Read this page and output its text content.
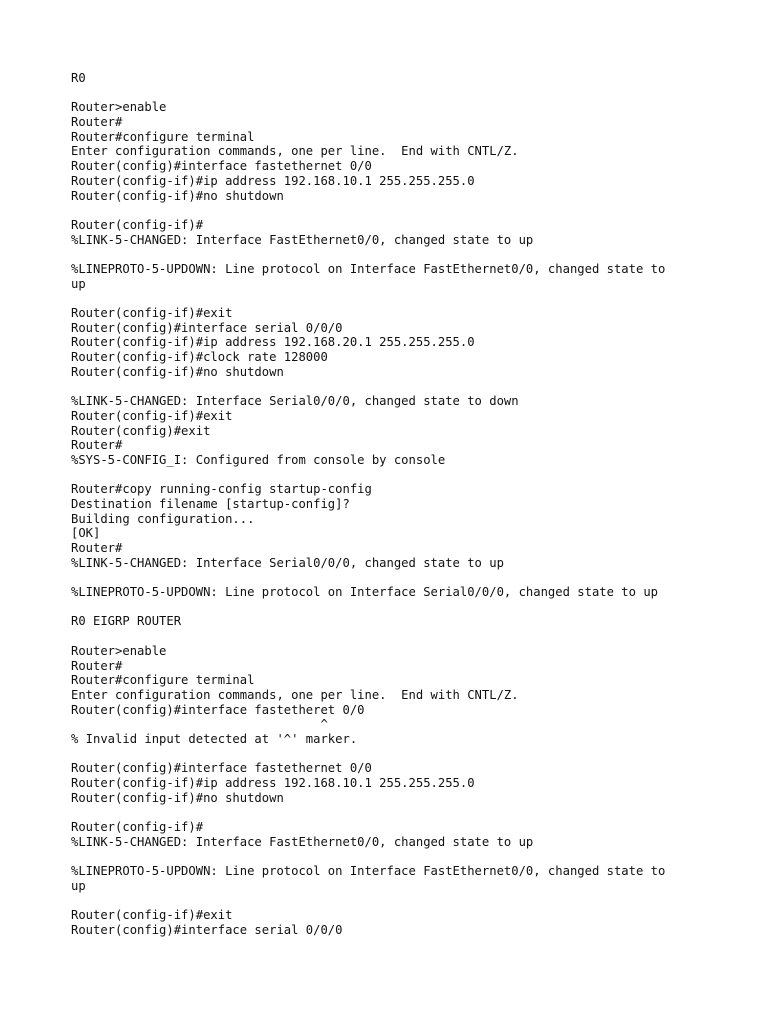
R0
Router>enable
Router#
Router#configure terminal
Enter configuration commands, one per line.  End with CNTL/Z.
Router(config)#interface fastethernet 0/0
Router(config-if)#ip address 192.168.10.1 255.255.255.0
Router(config-if)#no shutdown
Router(config-if)#
%LINK-5-CHANGED: Interface FastEthernet0/0, changed state to up
%LINEPROTO-5-UPDOWN: Line protocol on Interface FastEthernet0/0, changed state to
up
Router(config-if)#exit
Router(config)#interface serial 0/0/0
Router(config-if)#ip address 192.168.20.1 255.255.255.0
Router(config-if)#clock rate 128000
Router(config-if)#no shutdown
%LINK-5-CHANGED: Interface Serial0/0/0, changed state to down
Router(config-if)#exit
Router(config)#exit
Router#
%SYS-5-CONFIG_I: Configured from console by console
Router#copy running-config startup-config
Destination filename [startup-config]?
Building configuration...
[OK]
Router#
%LINK-5-CHANGED: Interface Serial0/0/0, changed state to up
%LINEPROTO-5-UPDOWN: Line protocol on Interface Serial0/0/0, changed state to up
R0 EIGRP ROUTER
Router>enable
Router#
Router#configure terminal
Enter configuration commands, one per line.  End with CNTL/Z.
Router(config)#interface fastetheret 0/0
^
% Invalid input detected at '^' marker.
Router(config)#interface fastethernet 0/0
Router(config-if)#ip address 192.168.10.1 255.255.255.0
Router(config-if)#no shutdown
Router(config-if)#
%LINK-5-CHANGED: Interface FastEthernet0/0, changed state to up
%LINEPROTO-5-UPDOWN: Line protocol on Interface FastEthernet0/0, changed state to
up
Router(config-if)#exit
Router(config)#interface serial 0/0/0
